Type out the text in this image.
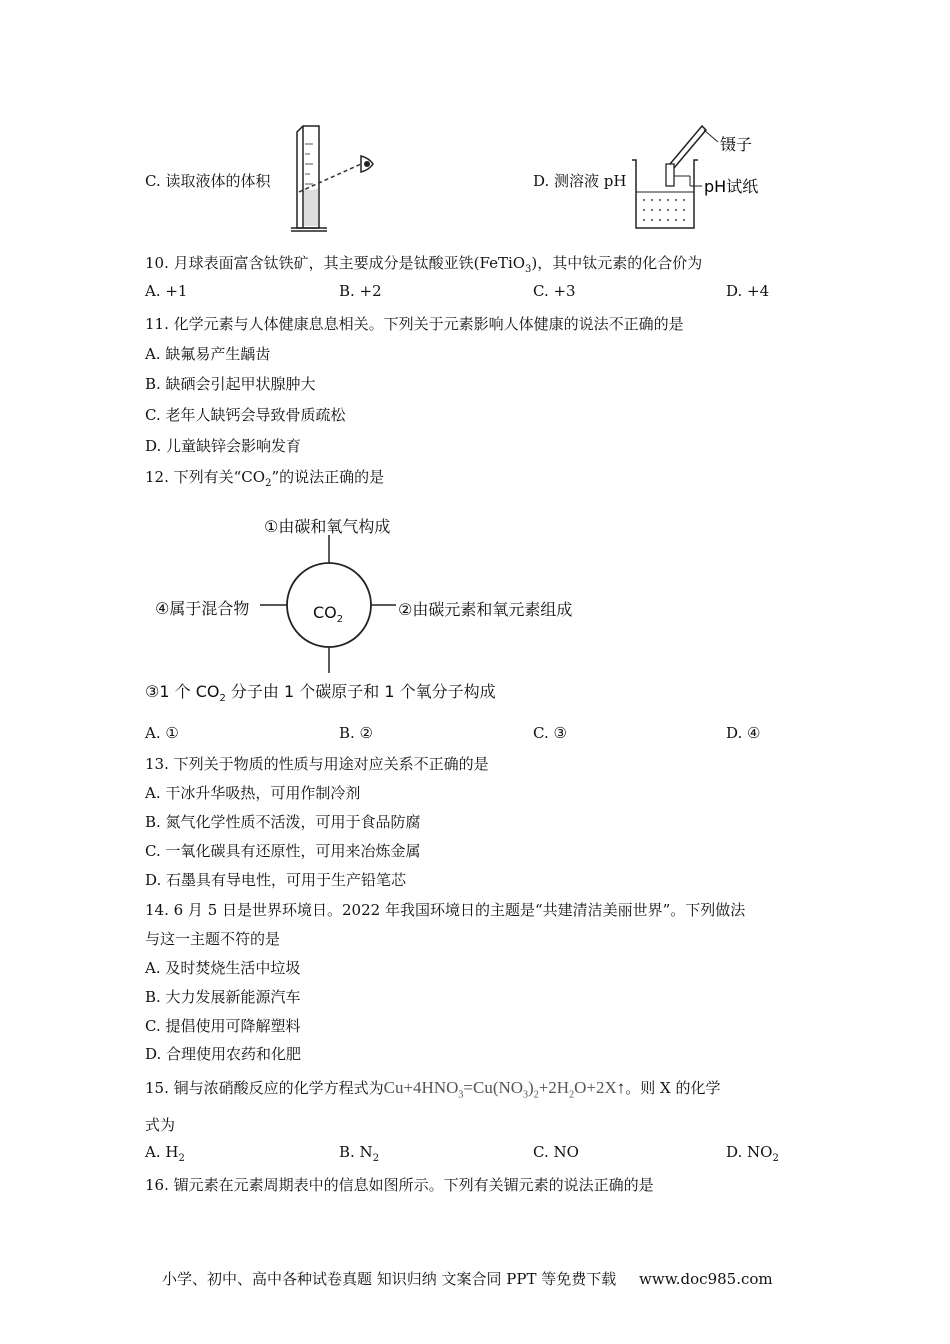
C. 读取液体的体积	D. 测溶液 pH
镊子
pH试纸
10. 月球表面富含钛铁矿，其主要成分是钛酸亚铁(FeTiO$_3$)，其中钛元素的化合价为
A. +1	B. +2	C. +3	D. +4
11. 化学元素与人体健康息息相关。下列关于元素影响人体健康的说法不正确的是
A. 缺氟易产生龋齿
B. 缺硒会引起甲状腺肿大
C. 老年人缺钙会导致骨质疏松
D. 儿童缺锌会影响发育
12. 下列有关“$CO_2$”的说法正确的是
$CO_2$
①由碳和氧气构成
②由碳元素和氧元素组成
③1 个 $CO_2$ 分子由 1 个碳原子和 1 个氧分子构成
④属于混合物
A. ①	B. ②	C. ③	D. ④
13. 下列关于物质的性质与用途对应关系不正确的是
A. 干冰升华吸热，可用作制冷剂
B. 氮气化学性质不活泼，可用于食品防腐
C. 一氧化碳具有还原性，可用来冶炼金属
D. 石墨具有导电性，可用于生产铅笔芯
14. 6 月 5 日是世界环境日。2022 年我国环境日的主题是“共建清洁美丽世界”。下列做法
与这一主题不符的是
A. 及时焚烧生活中垃圾
B. 大力发展新能源汽车
C. 提倡使用可降解塑料
D. 合理使用农药和化肥
15. 铜与浓硝酸反应的化学方程式为$Cu+4HNO_3=Cu(NO_3)_2+2H_2O+2X↑$。则 X 的化学
式为
A. $H_2$	B. $N_2$	C. NO	D. $NO_2$
16. 镅元素在元素周期表中的信息如图所示。下列有关镅元素的说法正确的是
小学、初中、高中各种试卷真题 知识归纳 文案合同 PPT 等免费下载 www.doc985.com
